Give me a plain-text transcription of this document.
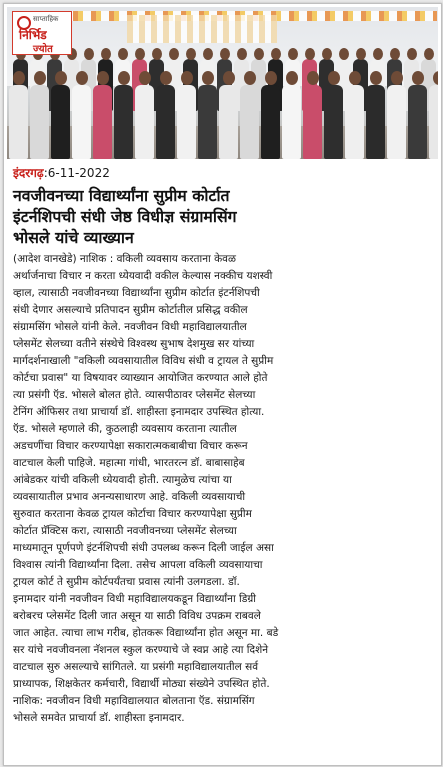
साप्ताहिक
निर्भिड
ज्योत
इंदरगढ़:6-11-2022
नवजीवनच्या विद्यार्थ्यांना सुप्रीम कोर्टात
इंटर्नशिपची संधी जेष्ठ विधीज्ञ संग्रामसिंग
भोसले यांचे व्याख्यान
(आदेश वानखेडे) नाशिक : वकिली व्यवसाय करताना केवळ
अर्थार्जनाचा विचार न करता ध्येयवादी वकील केल्यास नक्कीच यशस्वी
व्हाल, त्यासाठी नवजीवनच्या विद्यार्थ्यांना सुप्रीम कोर्टात इंटर्नशिपची
संधी देणार असल्याचे प्रतिपादन सुप्रीम कोर्टातील प्रसिद्ध वकील
संग्रामसिंग भोसले यांनी केले. नवजीवन विधी महाविद्यालयातील
प्लेसमेंट सेलच्या वतीने संस्थेचे विश्वस्थ सुभाष देशमुख सर यांच्या
मार्गदर्शनाखाली "वकिली व्यवसायातील विविध संधी व ट्रायल ते सुप्रीम
कोर्टचा प्रवास" या विषयावर व्याख्यान आयोजित करण्यात आले होते
त्या प्रसंगी ऍड. भोसले बोलत होते. व्यासपीठावर प्लेसमेंट सेलच्या
टेनिंग ऑफिसर तथा प्राचार्या डॉ. शाहीस्ता इनामदार उपस्थित होत्या.
ऍड. भोसले म्हणाले की, कुठलाही व्यवसाय करताना त्यातील
अडचणींचा विचार करण्यापेक्षा सकारात्मकबाबीचा विचार करून
वाटचाल केली पाहिजे. महात्मा गांधी, भारतरत्न डॉ. बाबासाहेब
आंबेडकर यांची वकिली ध्येयवादी होती. त्यामुळेच त्यांचा या
व्यवसायातील प्रभाव अनन्यसाधारण आहे. वकिली व्यवसायाची
सुरुवात करताना केवळ ट्रायल कोर्टाचा विचार करण्यापेक्षा सुप्रीम
कोर्टात प्रॅक्टिस करा, त्यासाठी नवजीवनच्या प्लेसमेंट सेलच्या
माध्यमातून पूर्णपणे इंटर्नशिपची संधी उपलब्ध करून दिली जाईल असा
विश्वास त्यांनी विद्यार्थ्यांना दिला. तसेच आपला वकिली व्यवसायाचा
ट्रायल कोर्ट ते सुप्रीम कोर्टपर्यंतचा प्रवास त्यांनी उलगडला. डॉ.
इनामदार यांनी नवजीवन विधी महाविद्यालयकडून विद्यार्थ्यांना डिग्री
बरोबरच प्लेसमेंट दिली जात असून या साठी विविध उपक्रम राबवले
जात आहेत. त्याचा लाभ गरीब, होतकरू विद्यार्थ्यांना होत असून मा. बडे
सर यांचे नवजीवनला नॅशनल स्कुल करण्याचे जे स्वप्न आहे त्या दिशेने
वाटचाल सुरु असल्याचे सांगितले. या प्रसंगी महाविद्यालयातील सर्व
प्राध्यापक, शिक्षकेतर कर्मचारी, विद्यार्थी मोठ्या संख्येने उपस्थित होते.
नाशिक: नवजीवन विधी महाविद्यालयात बोलताना ऍड. संग्रामसिंग
भोसले समवेत प्राचार्या डॉ. शाहीस्ता इनामदार.
